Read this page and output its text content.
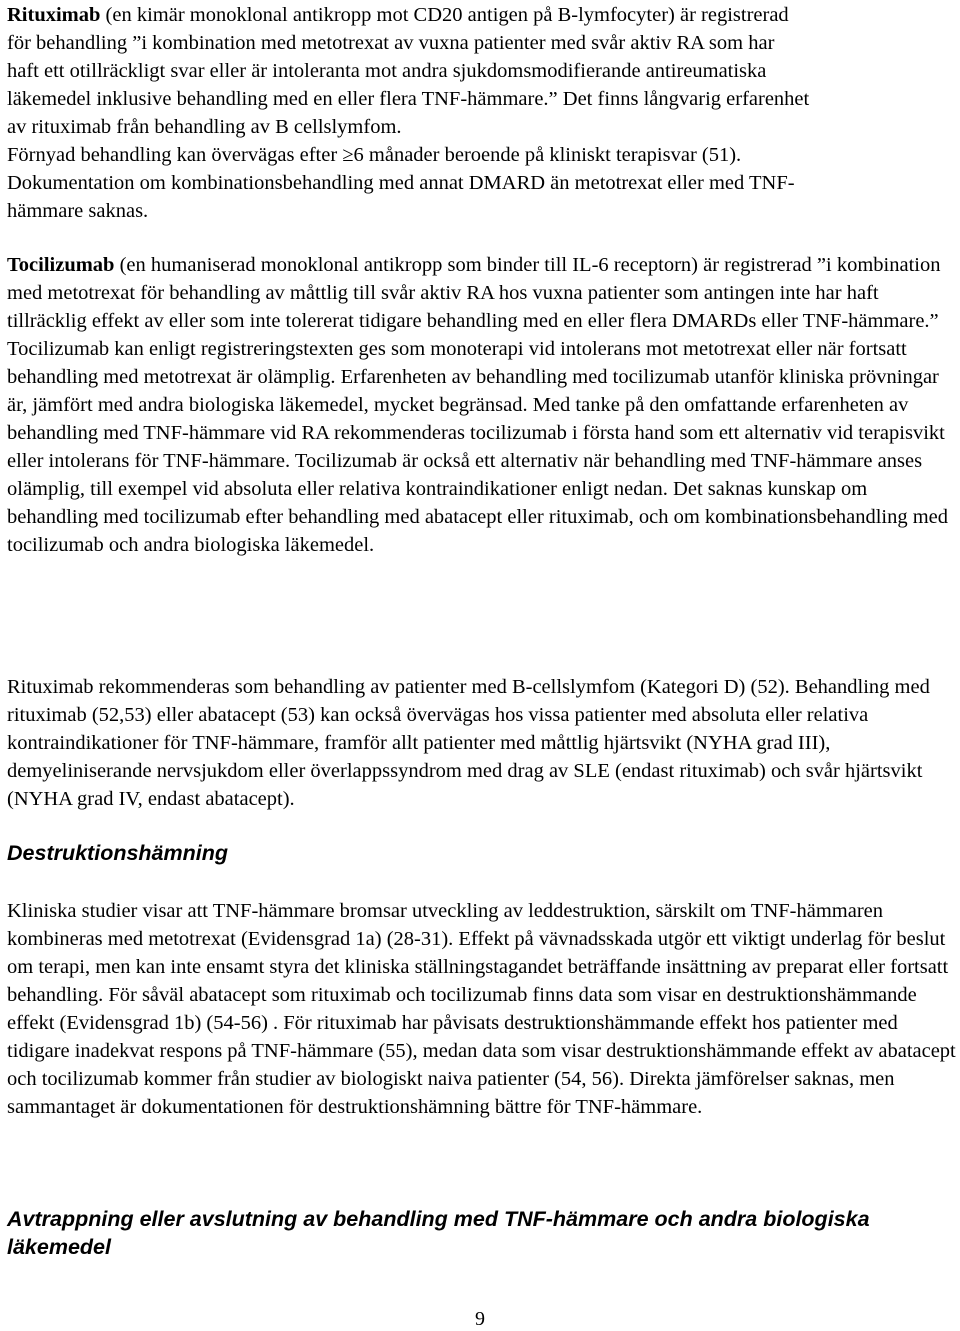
Rituximab (en kimär monoklonal antikropp mot CD20 antigen på B-lymfocyter) är registrerad
för behandling ”i kombination med metotrexat av vuxna patienter med svår aktiv RA som har
haft ett otillräckligt svar eller är intoleranta mot andra sjukdomsmodifierande antireumatiska
läkemedel inklusive behandling med en eller flera TNF-hämmare.” Det finns långvarig erfarenhet
av rituximab från behandling av B cellslymfom.
Förnyad behandling kan övervägas efter ≥6 månader beroende på kliniskt terapisvar (51).
Dokumentation om kombinationsbehandling med annat DMARD än metotrexat eller med TNF-
hämmare saknas.

Tocilizumab (en humaniserad monoklonal antikropp som binder till IL-6 receptorn) är registrerad ”i kombination med metotrexat för behandling av måttlig till svår aktiv RA hos vuxna patienter som antingen inte har haft tillräcklig effekt av eller som inte tolererat tidigare behandling med en eller flera DMARDs eller TNF-hämmare.” Tocilizumab kan enligt registreringstexten ges som monoterapi vid intolerans mot metotrexat eller när fortsatt behandling med metotrexat är olämplig. Erfarenheten av behandling med tocilizumab utanför kliniska prövningar är, jämfört med andra biologiska läkemedel, mycket begränsad. Med tanke på den omfattande erfarenheten av behandling med TNF-hämmare vid RA rekommenderas tocilizumab i första hand som ett alternativ vid terapisvikt eller intolerans för TNF-hämmare. Tocilizumab är också ett alternativ när behandling med TNF-hämmare anses olämplig, till exempel vid absoluta eller relativa kontraindikationer enligt nedan. Det saknas kunskap om behandling med tocilizumab efter behandling med abatacept eller rituximab, och om kombinationsbehandling med tocilizumab och andra biologiska läkemedel.

Rituximab rekommenderas som behandling av patienter med B-cellslymfom (Kategori D) (52). Behandling med rituximab (52,53) eller abatacept (53) kan också övervägas hos vissa patienter med absoluta eller relativa kontraindikationer för TNF-hämmare, framför allt patienter med måttlig hjärtsvikt (NYHA grad III), demyeliniserande nervsjukdom eller överlappssyndrom med drag av SLE (endast rituximab) och svår hjärtsvikt (NYHA grad IV, endast abatacept).

Destruktionshämning

Kliniska studier visar att TNF-hämmare bromsar utveckling av leddestruktion, särskilt om TNF-hämmaren kombineras med metotrexat (Evidensgrad 1a) (28-31). Effekt på vävnadsskada utgör ett viktigt underlag för beslut om terapi, men kan inte ensamt styra det kliniska ställningstagandet beträffande insättning av preparat eller fortsatt behandling. För såväl abatacept som rituximab och tocilizumab finns data som visar en destruktionshämmande effekt (Evidensgrad 1b) (54-56) . För rituximab har påvisats destruktionshämmande effekt hos patienter med tidigare inadekvat respons på TNF-hämmare (55), medan data som visar destruktionshämmande effekt av abatacept och tocilizumab kommer från studier av biologiskt naiva patienter (54, 56). Direkta jämförelser saknas, men sammantaget är dokumentationen för destruktionshämning bättre för TNF-hämmare.

Avtrappning eller avslutning av behandling med TNF-hämmare och andra biologiska läkemedel
9
